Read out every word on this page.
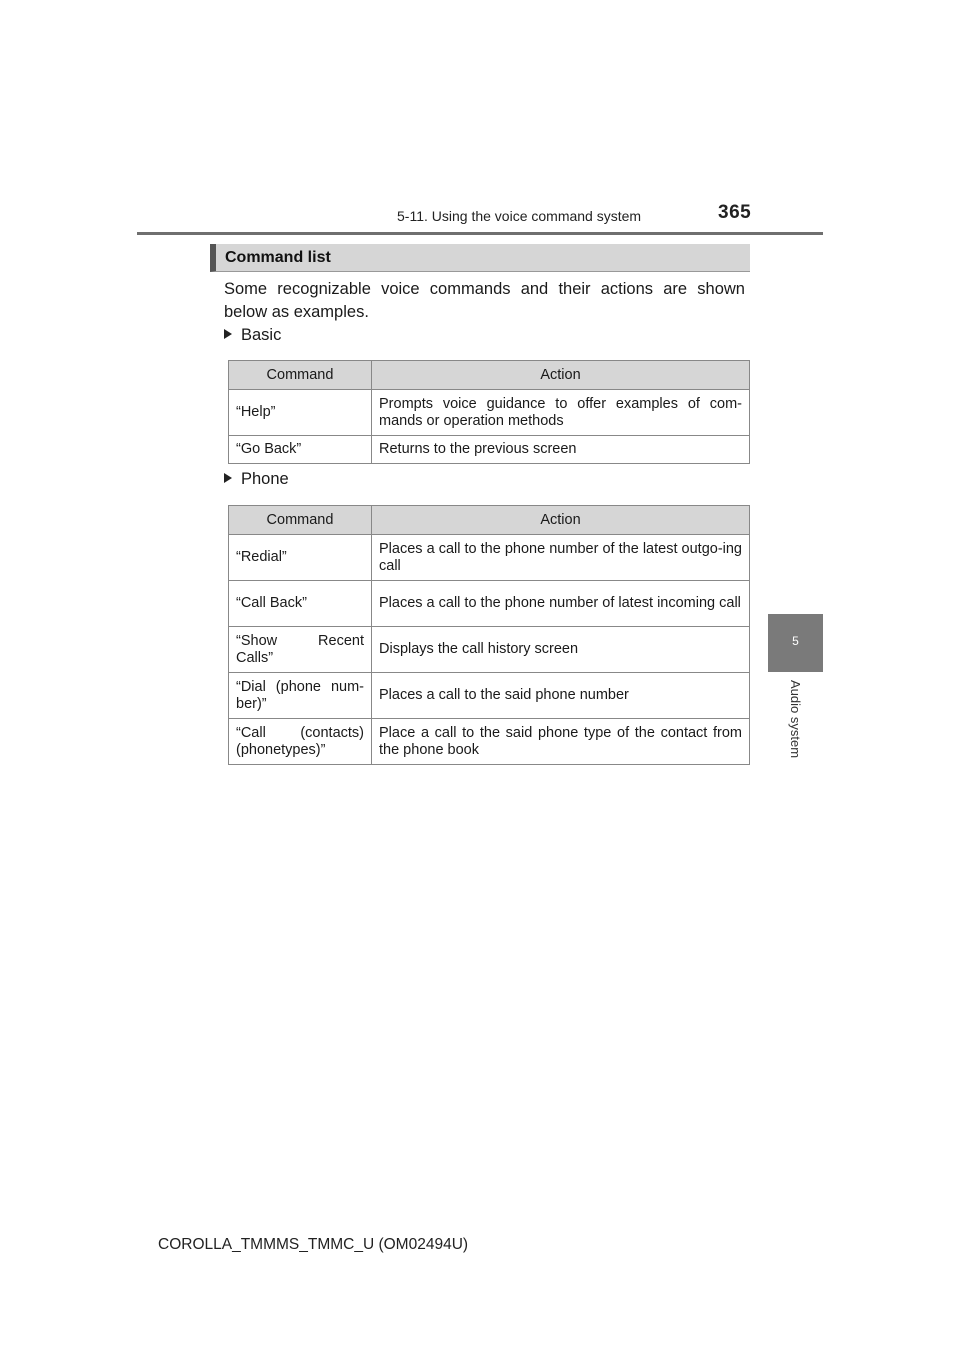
5-11. Using the voice command system	365
5
Audio system
Command list
Some recognizable voice commands and their actions are shown below as examples.
Basic
Command	Action
“Help”	Prompts voice guidance to offer examples of com-mands or operation methods
“Go Back”	Returns to the previous screen
Phone
Command	Action
“Redial”	Places a call to the phone number of the latest outgo-ing call
“Call Back”	Places a call to the phone number of latest incoming call
“Show Recent Calls”	Displays the call history screen
“Dial (phone num-ber)”	Places a call to the said phone number
“Call (contacts) (phonetypes)”	Place a call to the said phone type of the contact from the phone book
COROLLA_TMMMS_TMMC_U (OM02494U)
